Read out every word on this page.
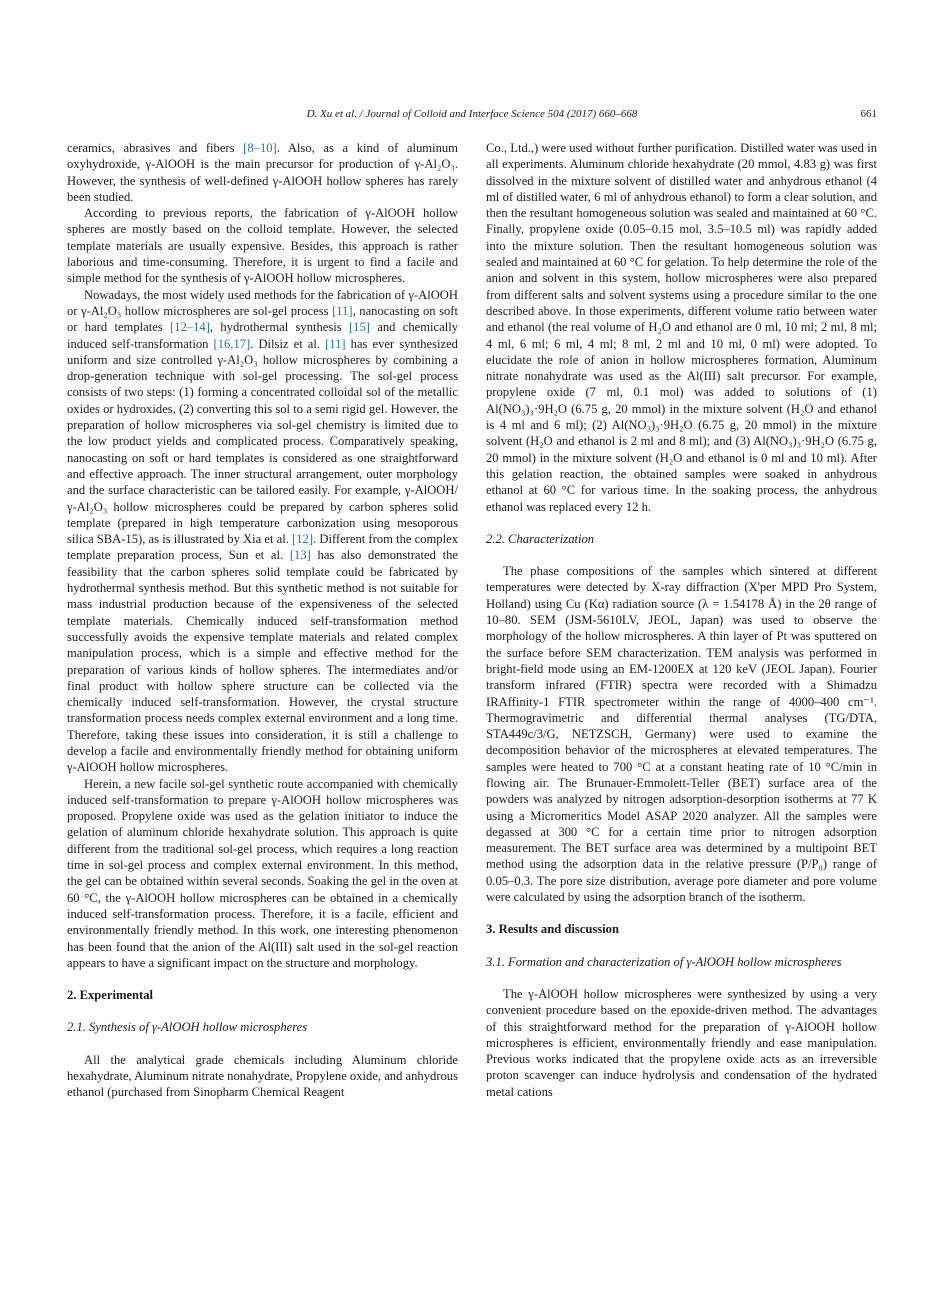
D. Xu et al. / Journal of Colloid and Interface Science 504 (2017) 660–668	661

ceramics, abrasives and fibers [8–10]. Also, as a kind of aluminum oxyhydroxide, γ-AlOOH is the main precursor for production of γ-Al₂O₃. However, the synthesis of well-defined γ-AlOOH hollow spheres has rarely been studied.

According to previous reports, the fabrication of γ-AlOOH hollow spheres are mostly based on the colloid template. However, the selected template materials are usually expensive. Besides, this approach is rather laborious and time-consuming. Therefore, it is urgent to find a facile and simple method for the synthesis of γ-AlOOH hollow microspheres.

Nowadays, the most widely used methods for the fabrication of γ-AlOOH or γ-Al₂O₃ hollow microspheres are sol-gel process [11], nanocasting on soft or hard templates [12–14], hydrothermal synthesis [15] and chemically induced self-transformation [16,17]. Dilsiz et al. [11] has ever synthesized uniform and size controlled γ-Al₂O₃ hollow microspheres by combining a drop-generation technique with sol-gel processing. The sol-gel process consists of two steps: (1) forming a concentrated colloidal sol of the metallic oxides or hydroxides, (2) converting this sol to a semi rigid gel. However, the preparation of hollow microspheres via sol-gel chemistry is limited due to the low product yields and complicated process. Comparatively speaking, nanocasting on soft or hard templates is considered as one straightforward and effective approach. The inner structural arrangement, outer morphology and the surface characteristic can be tailored easily. For example, γ-AlOOH/γ-Al₂O₃ hollow microspheres could be prepared by carbon spheres solid template (prepared in high temperature carbonization using mesoporous silica SBA-15), as is illustrated by Xia et al. [12]. Different from the complex template preparation process, Sun et al. [13] has also demonstrated the feasibility that the carbon spheres solid template could be fabricated by hydrothermal synthesis method. But this synthetic method is not suitable for mass industrial production because of the expensiveness of the selected template materials. Chemically induced self-transformation method successfully avoids the expensive template materials and related complex manipulation process, which is a simple and effective method for the preparation of various kinds of hollow spheres. The intermediates and/or final product with hollow sphere structure can be collected via the chemically induced self-transformation. However, the crystal structure transformation process needs complex external environment and a long time. Therefore, taking these issues into consideration, it is still a challenge to develop a facile and environmentally friendly method for obtaining uniform γ-AlOOH hollow microspheres.

Herein, a new facile sol-gel synthetic route accompanied with chemically induced self-transformation to prepare γ-AlOOH hollow microspheres was proposed. Propylene oxide was used as the gelation initiator to induce the gelation of aluminum chloride hexahydrate solution. This approach is quite different from the traditional sol-gel process, which requires a long reaction time in sol-gel process and complex external environment. In this method, the gel can be obtained within several seconds. Soaking the gel in the oven at 60 °C, the γ-AlOOH hollow microspheres can be obtained in a chemically induced self-transformation process. Therefore, it is a facile, efficient and environmentally friendly method. In this work, one interesting phenomenon has been found that the anion of the Al(III) salt used in the sol-gel reaction appears to have a significant impact on the structure and morphology.

2. Experimental

2.1. Synthesis of γ-AlOOH hollow microspheres

All the analytical grade chemicals including Aluminum chloride hexahydrate, Aluminum nitrate nonahydrate, Propylene oxide, and anhydrous ethanol (purchased from Sinopharm Chemical Reagent

Co., Ltd.,) were used without further purification. Distilled water was used in all experiments. Aluminum chloride hexahydrate (20 mmol, 4.83 g) was first dissolved in the mixture solvent of distilled water and anhydrous ethanol (4 ml of distilled water, 6 ml of anhydrous ethanol) to form a clear solution, and then the resultant homogeneous solution was sealed and maintained at 60 °C. Finally, propylene oxide (0.05–0.15 mol, 3.5–10.5 ml) was rapidly added into the mixture solution. Then the resultant homogeneous solution was sealed and maintained at 60 °C for gelation. To help determine the role of the anion and solvent in this system, hollow microspheres were also prepared from different salts and solvent systems using a procedure similar to the one described above. In those experiments, different volume ratio between water and ethanol (the real volume of H₂O and ethanol are 0 ml, 10 ml; 2 ml, 8 ml; 4 ml, 6 ml; 6 ml, 4 ml; 8 ml, 2 ml and 10 ml, 0 ml) were adopted. To elucidate the role of anion in hollow microspheres formation, Aluminum nitrate nonahydrate was used as the Al(III) salt precursor. For example, propylene oxide (7 ml, 0.1 mol) was added to solutions of (1) Al(NO₃)₃·9H₂O (6.75 g, 20 mmol) in the mixture solvent (H₂O and ethanol is 4 ml and 6 ml); (2) Al(NO₃)₃·9H₂O (6.75 g, 20 mmol) in the mixture solvent (H₂O and ethanol is 2 ml and 8 ml); and (3) Al(NO₃)₃·9H₂O (6.75 g, 20 mmol) in the mixture solvent (H₂O and ethanol is 0 ml and 10 ml). After this gelation reaction, the obtained samples were soaked in anhydrous ethanol at 60 °C for various time. In the soaking process, the anhydrous ethanol was replaced every 12 h.

2.2. Characterization

The phase compositions of the samples which sintered at different temperatures were detected by X-ray diffraction (X'per MPD Pro System, Holland) using Cu (Kα) radiation source (λ = 1.54178 Å) in the 2θ range of 10–80. SEM (JSM-5610LV, JEOL, Japan) was used to observe the morphology of the hollow microspheres. A thin layer of Pt was sputtered on the surface before SEM characterization. TEM analysis was performed in bright-field mode using an EM-1200EX at 120 keV (JEOL Japan). Fourier transform infrared (FTIR) spectra were recorded with a Shimadzu IRAffinity-1 FTIR spectrometer within the range of 4000–400 cm⁻¹. Thermogravimetric and differential thermal analyses (TG/DTA, STA449c/3/G, NETZSCH, Germany) were used to examine the decomposition behavior of the microspheres at elevated temperatures. The samples were heated to 700 °C at a constant heating rate of 10 °C/min in flowing air. The Brunauer-Emmolett-Teller (BET) surface area of the powders was analyzed by nitrogen adsorption-desorption isotherms at 77 K using a Micromeritics Model ASAP 2020 analyzer. All the samples were degassed at 300 °C for a certain time prior to nitrogen adsorption measurement. The BET surface area was determined by a multipoint BET method using the adsorption data in the relative pressure (P/P₀) range of 0.05–0.3. The pore size distribution, average pore diameter and pore volume were calculated by using the adsorption branch of the isotherm.

3. Results and discussion

3.1. Formation and characterization of γ-AlOOH hollow microspheres

The γ-AlOOH hollow microspheres were synthesized by using a very convenient procedure based on the epoxide-driven method. The advantages of this straightforward method for the preparation of γ-AlOOH hollow microspheres is efficient, environmentally friendly and ease manipulation. Previous works indicated that the propylene oxide acts as an irreversible proton scavenger can induce hydrolysis and condensation of the hydrated metal cations
